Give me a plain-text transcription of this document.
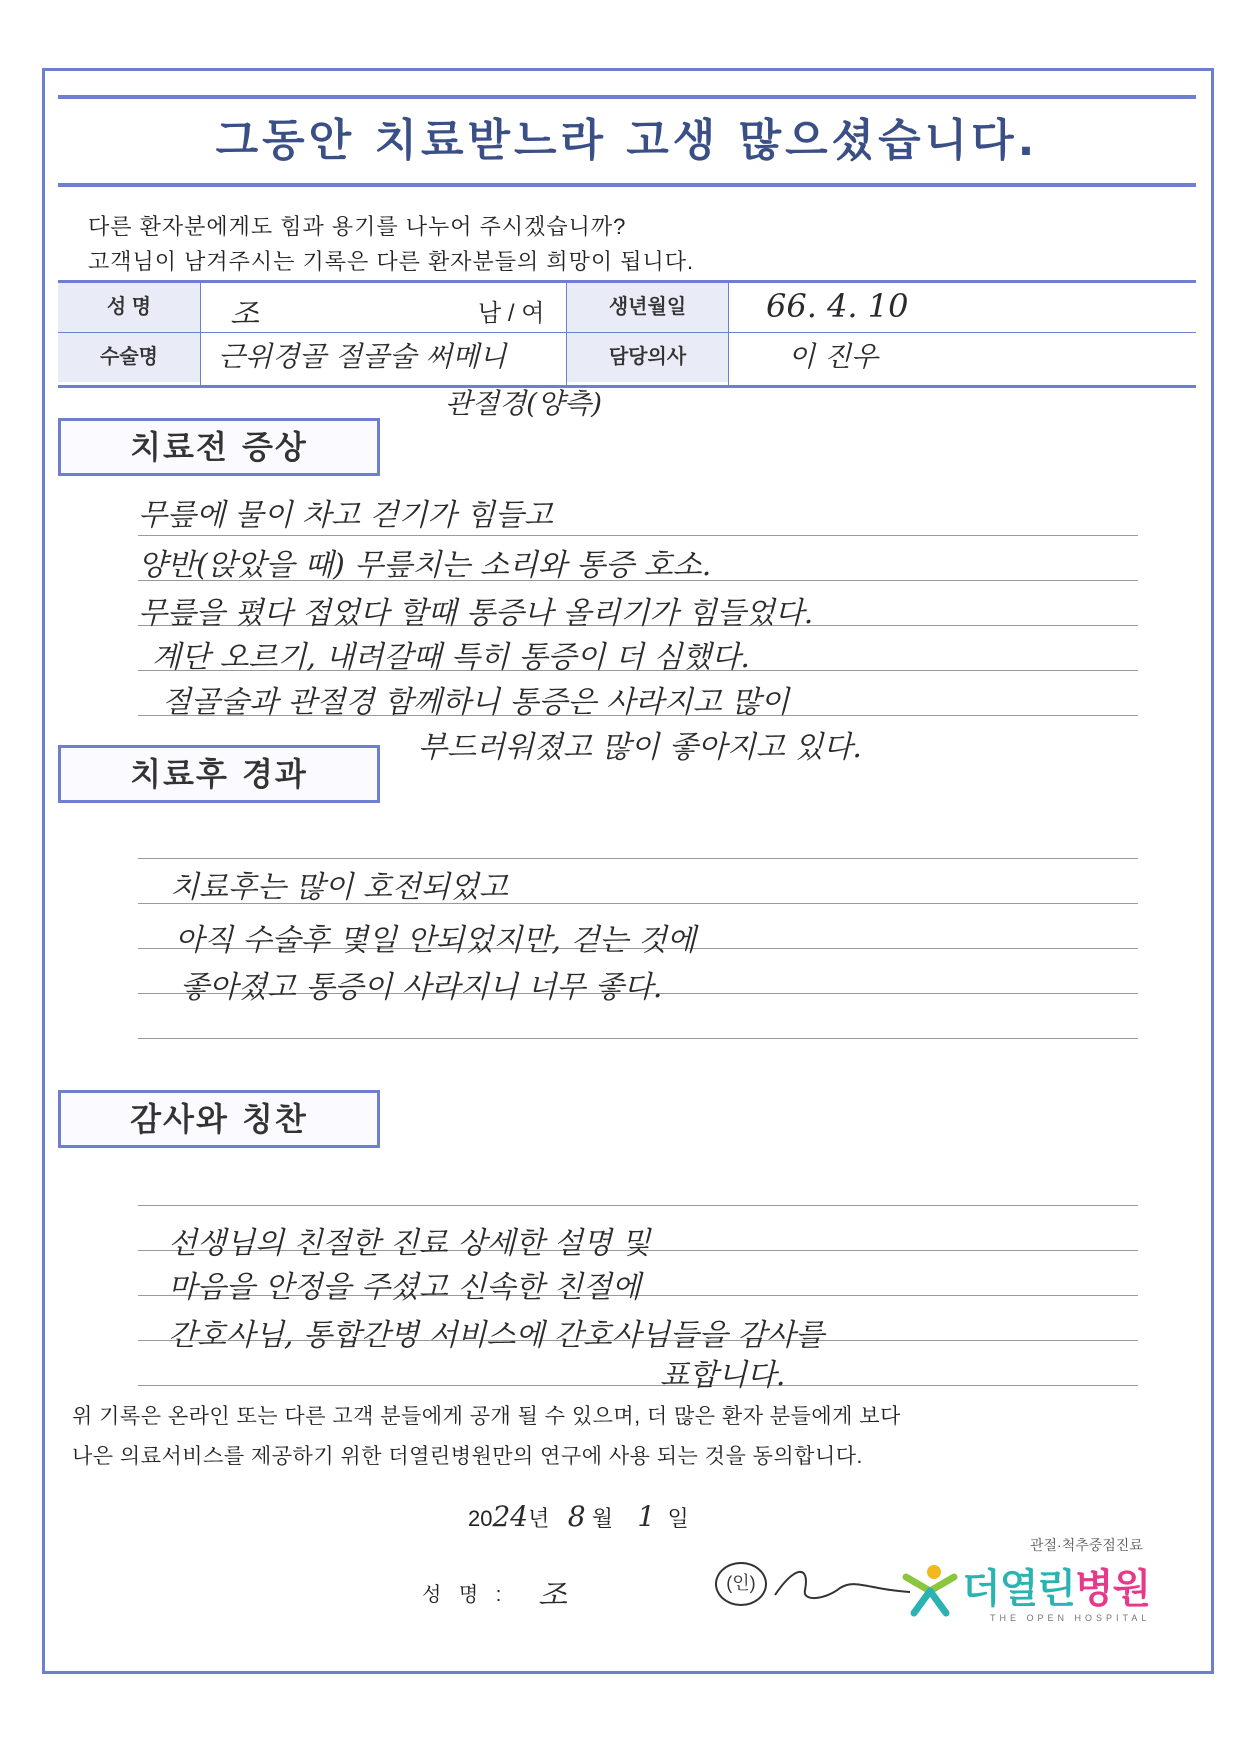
그동안 치료받느라 고생 많으셨습니다.
다른 환자분에게도 힘과 용기를 나누어 주시겠습니까?
고객님이 남겨주시는 기록은 다른 환자분들의 희망이 됩니다.
성 명	조	남 / 여	생년월일	66. 4. 10
수술명	근위경골 절골술 써메니	담당의사	이 진우
관절경(양측)
치료전 증상
무릎에 물이 차고 걷기가 힘들고
양반(앉았을 때) 무릎치는 소리와 통증 호소.
무릎을 폈다 접었다 할때 통증나 올리기가 힘들었다.
계단 오르기, 내려갈때 특히 통증이 더 심했다.
절골술과 관절경 함께하니 통증은 사라지고 많이
부드러워졌고 많이 좋아지고 있다.
치료후 경과
치료후는 많이 호전되었고
아직 수술후 몇일 안되었지만, 걷는 것에
좋아졌고 통증이 사라지니 너무 좋다.
감사와 칭찬
선생님의 친절한 진료 상세한 설명 및
마음을 안정을 주셨고 신속한 친절에
간호사님, 통합간병 서비스에 간호사님들을 감사를
표합니다.
위 기록은 온라인 또는 다른 고객 분들에게 공개 될 수 있으며, 더 많은 환자 분들에게 보다
나은 의료서비스를 제공하기 위한 더열린병원만의 연구에 사용 되는 것을 동의합니다.
2024년 8 월 1 일
성 명 : 조	(인)
관절·척추중점진료
더열린병원
THE OPEN HOSPITAL
